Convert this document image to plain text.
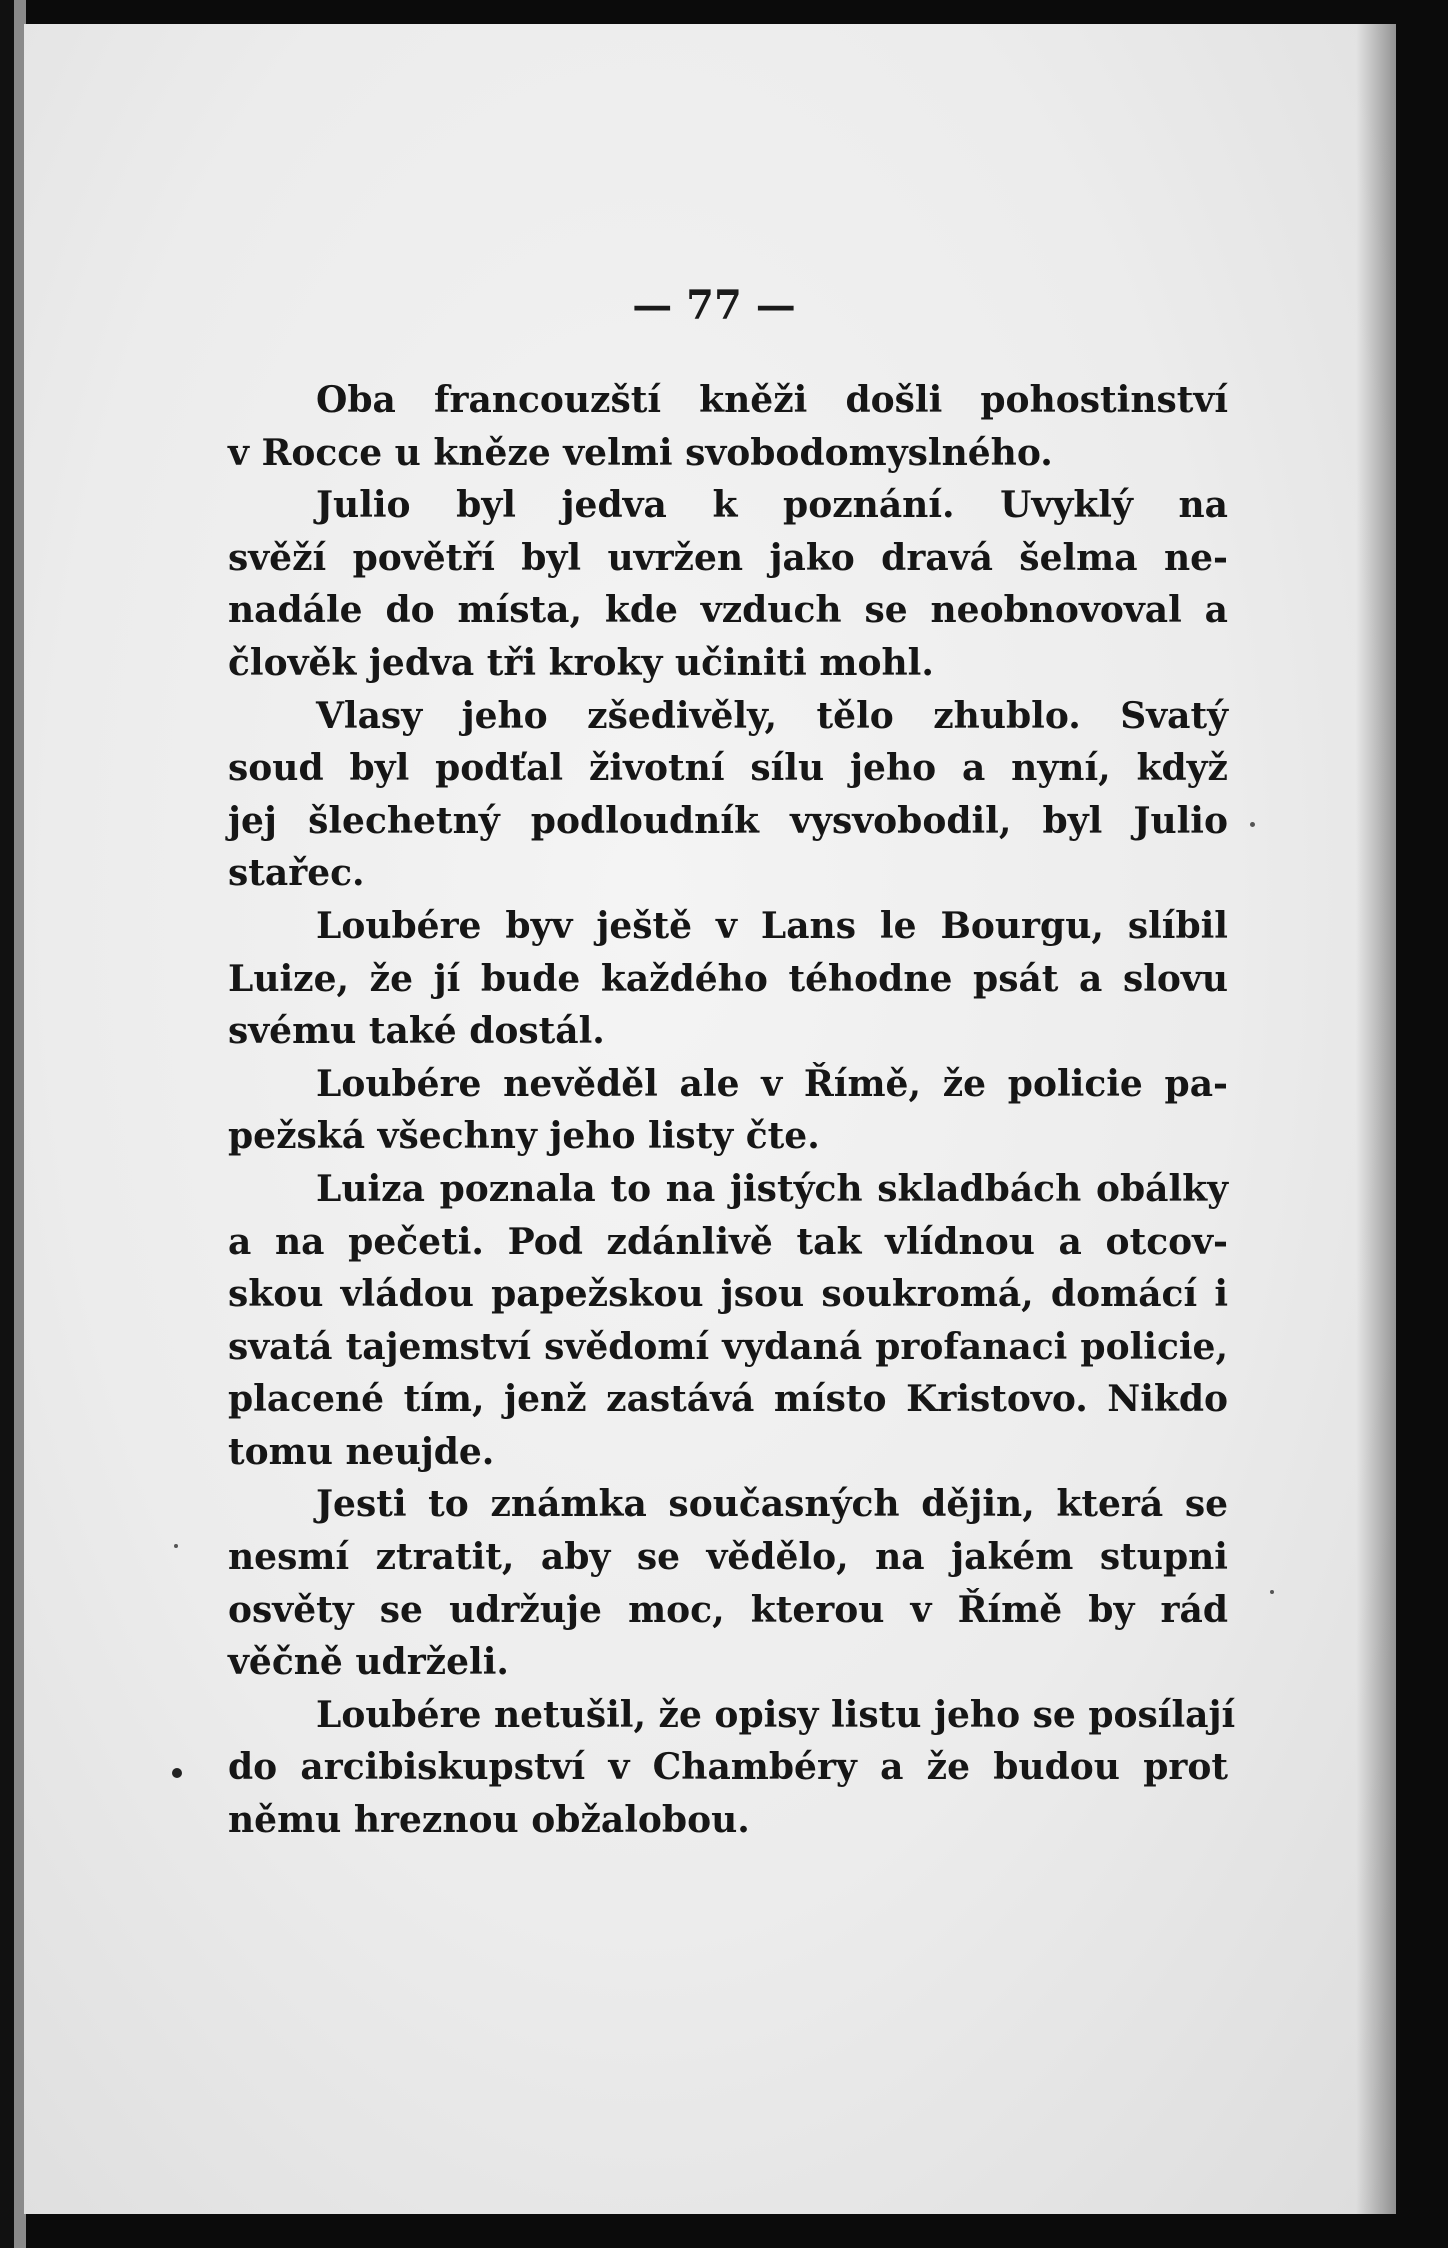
— 77 —
Oba francouzští kněži došli pohostinství
v Rocce u kněze velmi svobodomyslného.
Julio byl jedva k poznání. Uvyklý na
svěží povětří byl uvržen jako dravá šelma ne-
nadále do místa, kde vzduch se neobnovoval a
člověk jedva tři kroky učiniti mohl.
Vlasy jeho zšedivěly, tělo zhublo. Svatý
soud byl podťal životní sílu jeho a nyní, když
jej šlechetný podloudník vysvobodil, byl Julio
stařec.
Loubére byv ještě v Lans le Bourgu, slíbil
Luize, že jí bude každého téhodne psát a slovu
svému také dostál.
Loubére nevěděl ale v Římě, že policie pa-
pežská všechny jeho listy čte.
Luiza poznala to na jistých skladbách obálky
a na pečeti. Pod zdánlivě tak vlídnou a otcov-
skou vládou papežskou jsou soukromá, domácí i
svatá tajemství svědomí vydaná profanaci policie,
placené tím, jenž zastává místo Kristovo. Nikdo
tomu neujde.
Jesti to známka současných dějin, která se
nesmí ztratit, aby se vědělo, na jakém stupni
osvěty se udržuje moc, kterou v Římě by rád
věčně udrželi.
Loubére netušil, že opisy listu jeho se posílají
do arcibiskupství v Chambéry a že budou prot
němu hreznou obžalobou.
